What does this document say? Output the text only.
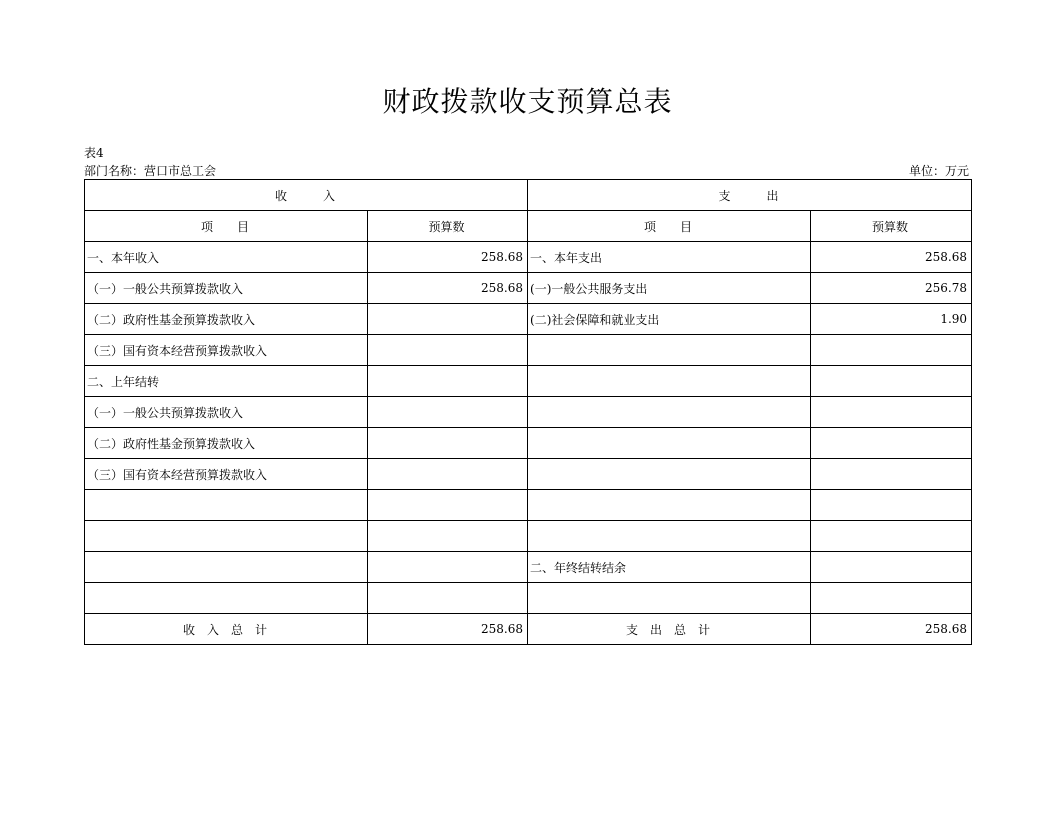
财政拨款收支预算总表
表4
部门名称：营口市总工会	单位：万元
收　　　入		支　　　出	
项　　目	预算数	项　　目	预算数
一、本年收入	258.68	一、本年支出	258.68
（一）一般公共预算拨款收入	258.68	(一)一般公共服务支出	256.78
（二）政府性基金预算拨款收入		(二)社会保障和就业支出	1.90
（三）国有资本经营预算拨款收入			
二、上年结转			
（一）一般公共预算拨款收入			
（二）政府性基金预算拨款收入			
（三）国有资本经营预算拨款收入			

		二、年终结转结余	

收　入　总　计	258.68	支　出　总　计	258.68
